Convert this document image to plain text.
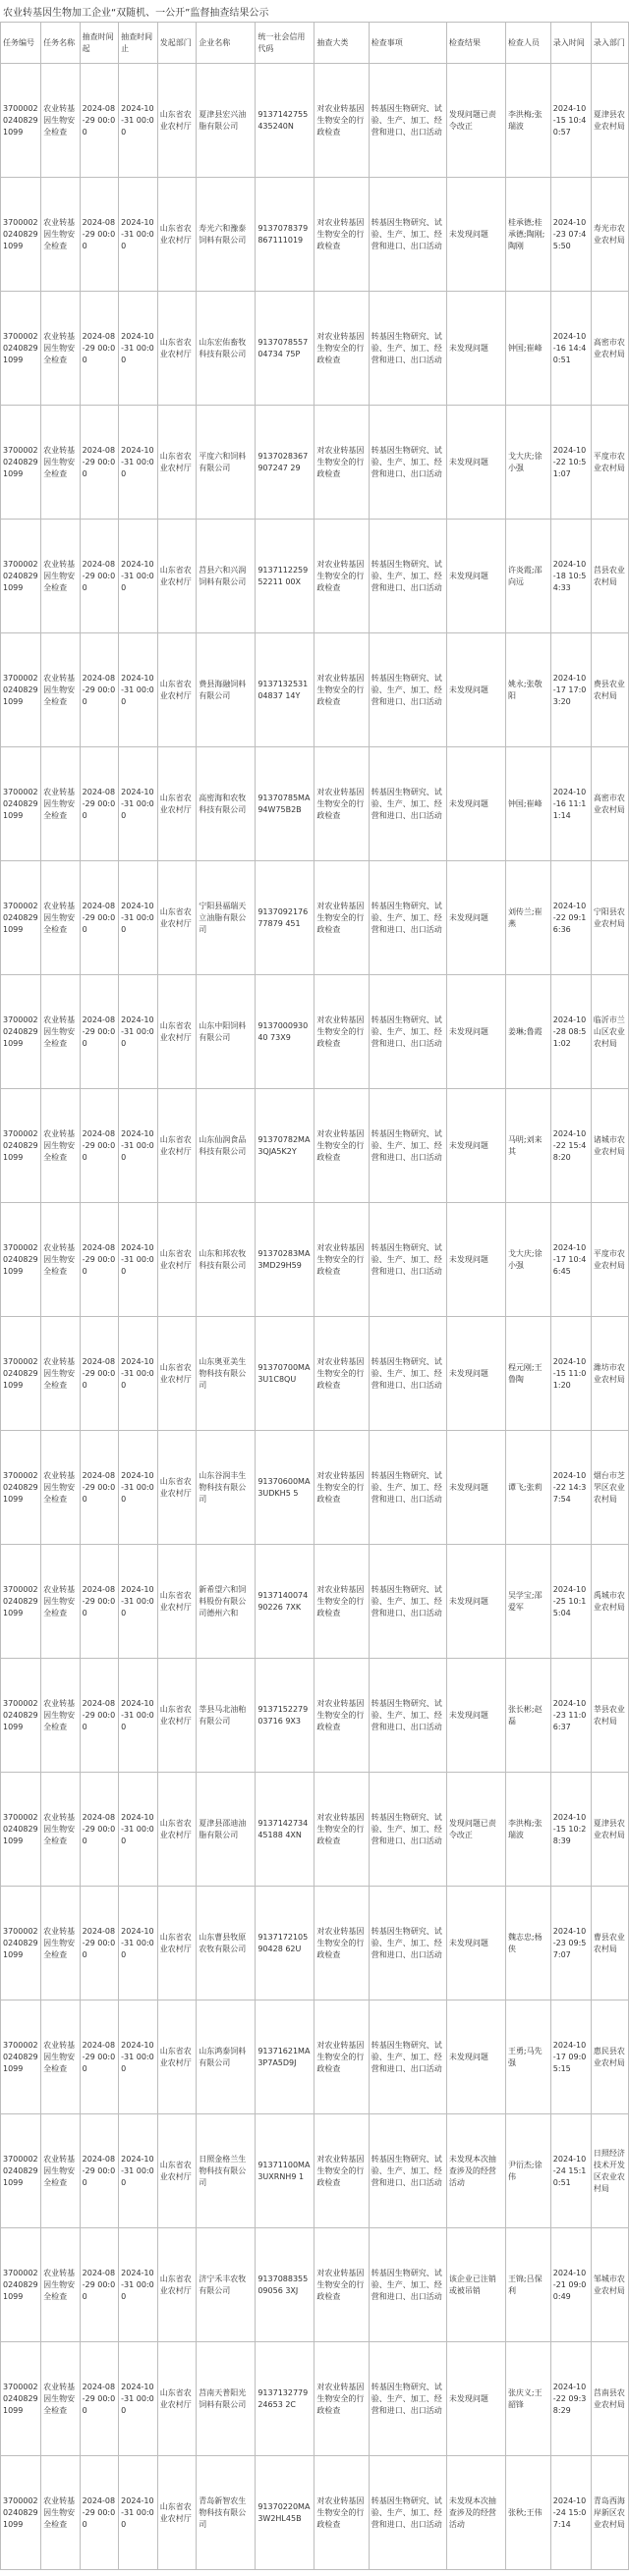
农业转基因生物加工企业“双随机、一公开”监督抽查结果公示
任务编号	任务名称	抽查时间起	抽查时间止	发起部门	企业名称	统一社会信用代码	抽查大类	检查事项	检查结果	检查人员	录入时间	录入部门
370000202408291099	农业转基因生物安全检查	2024-08-29 00:00	2024-10-31 00:00	山东省农业农村厅	夏津县宏兴油脂有限公司	9137142755435240N	对农业转基因生物安全的行政检查	转基因生物研究、试验、生产、加工、经营和进口、出口活动	发现问题已责令改正	李洪梅;张瑞波	2024-10-15 10:40:57	夏津县农业农村局
370000202408291099	农业转基因生物安全检查	2024-08-29 00:00	2024-10-31 00:00	山东省农业农村厅	寿光六和豫泰饲料有限公司	9137078379867111019	对农业转基因生物安全的行政检查	转基因生物研究、试验、生产、加工、经营和进口、出口活动	未发现问题	桂承德;桂承德;陶刚;陶刚	2024-10-23 07:45:50	寿光市农业农村局
370000202408291099	农业转基因生物安全检查	2024-08-29 00:00	2024-10-31 00:00	山东省农业农村厅	山东宏佑畜牧科技有限公司	913707855704734 75P	对农业转基因生物安全的行政检查	转基因生物研究、试验、生产、加工、经营和进口、出口活动	未发现问题	钟国;崔峰	2024-10-16 14:40:51	高密市农业农村局
370000202408291099	农业转基因生物安全检查	2024-08-29 00:00	2024-10-31 00:00	山东省农业农村厅	平度六和饲料有限公司	9137028367907247 29	对农业转基因生物安全的行政检查	转基因生物研究、试验、生产、加工、经营和进口、出口活动	未发现问题	戈大庆;徐小强	2024-10-22 10:51:07	平度市农业农村局
370000202408291099	农业转基因生物安全检查	2024-08-29 00:00	2024-10-31 00:00	山东省农业农村厅	莒县六和兴润饲料有限公司	913711225952211 00X	对农业转基因生物安全的行政检查	转基因生物研究、试验、生产、加工、经营和进口、出口活动	未发现问题	许炎霞;邵向远	2024-10-18 10:54:33	莒县农业农村局
370000202408291099	农业转基因生物安全检查	2024-08-29 00:00	2024-10-31 00:00	山东省农业农村厅	费县海融饲料有限公司	913713253104837 14Y	对农业转基因生物安全的行政检查	转基因生物研究、试验、生产、加工、经营和进口、出口活动	未发现问题	姚永;张敬阳	2024-10-17 17:03:20	费县农业农村局
370000202408291099	农业转基因生物安全检查	2024-08-29 00:00	2024-10-31 00:00	山东省农业农村厅	高密海和农牧科技有限公司	91370785MA94W75B2B	对农业转基因生物安全的行政检查	转基因生物研究、试验、生产、加工、经营和进口、出口活动	未发现问题	钟国;崔峰	2024-10-16 11:11:14	高密市农业农村局
370000202408291099	农业转基因生物安全检查	2024-08-29 00:00	2024-10-31 00:00	山东省农业农村厅	宁阳县福瑞天立油脂有限公司	913709217677879 451	对农业转基因生物安全的行政检查	转基因生物研究、试验、生产、加工、经营和进口、出口活动	未发现问题	刘传兰;崔燕	2024-10-22 09:16:36	宁阳县农业农村局
370000202408291099	农业转基因生物安全检查	2024-08-29 00:00	2024-10-31 00:00	山东省农业农村厅	山东中阳饲料有限公司	913700093040 73X9	对农业转基因生物安全的行政检查	转基因生物研究、试验、生产、加工、经营和进口、出口活动	未发现问题	姜琳;鲁霞	2024-10-28 08:51:02	临沂市兰山区农业农村局
370000202408291099	农业转基因生物安全检查	2024-08-29 00:00	2024-10-31 00:00	山东省农业农村厅	山东仙润食品科技有限公司	91370782MA3QJA5K2Y	对农业转基因生物安全的行政检查	转基因生物研究、试验、生产、加工、经营和进口、出口活动	未发现问题	马明;刘来其	2024-10-22 15:48:20	诸城市农业农村局
370000202408291099	农业转基因生物安全检查	2024-08-29 00:00	2024-10-31 00:00	山东省农业农村厅	山东和邦农牧科技有限公司	91370283MA3MD29H59	对农业转基因生物安全的行政检查	转基因生物研究、试验、生产、加工、经营和进口、出口活动	未发现问题	戈大庆;徐小强	2024-10-17 10:46:45	平度市农业农村局
370000202408291099	农业转基因生物安全检查	2024-08-29 00:00	2024-10-31 00:00	山东省农业农村厅	山东奥亚美生物科技有限公司	91370700MA3U1C8QU	对农业转基因生物安全的行政检查	转基因生物研究、试验、生产、加工、经营和进口、出口活动	未发现问题	程元刚;王鲁陶	2024-10-15 11:01:20	潍坊市农业农村局
370000202408291099	农业转基因生物安全检查	2024-08-29 00:00	2024-10-31 00:00	山东省农业农村厅	山东谷润丰生物科技有限公司	91370600MA3UDKH5 5	对农业转基因生物安全的行政检查	转基因生物研究、试验、生产、加工、经营和进口、出口活动	未发现问题	谭飞;张莉	2024-10-22 14:37:54	烟台市芝罘区农业农村局
370000202408291099	农业转基因生物安全检查	2024-08-29 00:00	2024-10-31 00:00	山东省农业农村厅	新希望六和饲料股份有限公司德州六和	913714007490226 7XK	对农业转基因生物安全的行政检查	转基因生物研究、试验、生产、加工、经营和进口、出口活动	未发现问题	吴学宝;邵爱军	2024-10-25 10:15:04	禹城市农业农村局
370000202408291099	农业转基因生物安全检查	2024-08-29 00:00	2024-10-31 00:00	山东省农业农村厅	莘县马北油粕有限公司	913715227903716 9X3	对农业转基因生物安全的行政检查	转基因生物研究、试验、生产、加工、经营和进口、出口活动	未发现问题	张长彬;赵磊	2024-10-23 11:06:37	莘县农业农村局
370000202408291099	农业转基因生物安全检查	2024-08-29 00:00	2024-10-31 00:00	山东省农业农村厅	夏津县邵迪油脂有限公司	913714273445188 4XN	对农业转基因生物安全的行政检查	转基因生物研究、试验、生产、加工、经营和进口、出口活动	发现问题已责令改正	李洪梅;张瑞波	2024-10-15 10:28:39	夏津县农业农村局
370000202408291099	农业转基因生物安全检查	2024-08-29 00:00	2024-10-31 00:00	山东省农业农村厅	山东曹县牧原农牧有限公司	913717210590428 62U	对农业转基因生物安全的行政检查	转基因生物研究、试验、生产、加工、经营和进口、出口活动	未发现问题	魏志忠;杨侠	2024-10-23 09:57:07	曹县农业农村局
370000202408291099	农业转基因生物安全检查	2024-08-29 00:00	2024-10-31 00:00	山东省农业农村厅	山东鸿泰饲料有限公司	91371621MA3P7A5D9J	对农业转基因生物安全的行政检查	转基因生物研究、试验、生产、加工、经营和进口、出口活动	未发现问题	王勇;马先强	2024-10-17 09:05:15	惠民县农业农村局
370000202408291099	农业转基因生物安全检查	2024-08-29 00:00	2024-10-31 00:00	山东省农业农村厅	日照金格兰生物科技有限公司	91371100MA3UXRNH9 1	对农业转基因生物安全的行政检查	转基因生物研究、试验、生产、加工、经营和进口、出口活动	未发现本次抽查涉及的经营活动	尹衍杰;徐伟	2024-10-24 15:10:51	日照经济技术开发区农业农村局
370000202408291099	农业转基因生物安全检查	2024-08-29 00:00	2024-10-31 00:00	山东省农业农村厅	济宁禾丰农牧有限公司	913708835509056 3XJ	对农业转基因生物安全的行政检查	转基因生物研究、试验、生产、加工、经营和进口、出口活动	该企业已注销或被吊销	王锦;吕保利	2024-10-21 09:00:49	邹城市农业农村局
370000202408291099	农业转基因生物安全检查	2024-08-29 00:00	2024-10-31 00:00	山东省农业农村厅	莒南天普阳光饲料有限公司	913713277924653 2C	对农业转基因生物安全的行政检查	转基因生物研究、试验、生产、加工、经营和进口、出口活动	未发现问题	张庆义;王韶锋	2024-10-22 09:38:29	莒南县农业农村局
370000202408291099	农业转基因生物安全检查	2024-08-29 00:00	2024-10-31 00:00	山东省农业农村厅	青岛新智农生物科技有限公司	91370220MA3W2HL45B	对农业转基因生物安全的行政检查	转基因生物研究、试验、生产、加工、经营和进口、出口活动	未发现本次抽查涉及的经营活动	张秋;王伟	2024-10-24 15:07:14	青岛西海岸新区农业农村局
